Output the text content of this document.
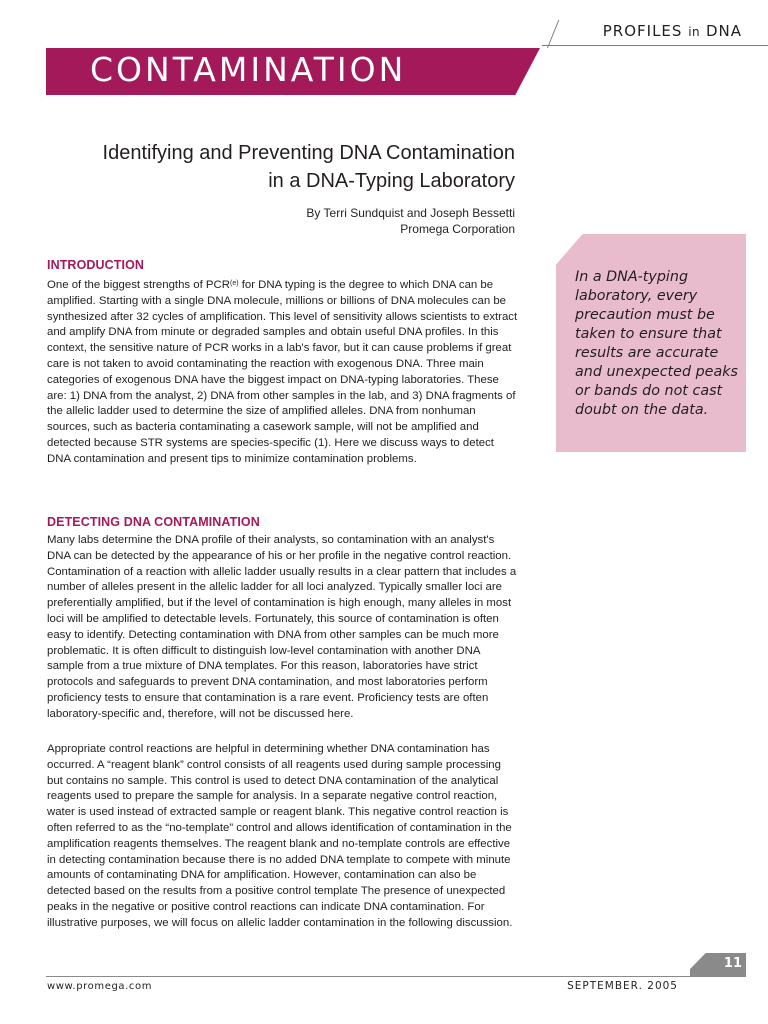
PROFILES in DNA
CONTAMINATION
Identifying and Preventing DNA Contamination
in a DNA-Typing Laboratory
By Terri Sundquist and Joseph Bessetti
Promega Corporation
INTRODUCTION

One of the biggest strengths of PCR$^{(e)}$ for DNA typing is the degree to which DNA can be amplified. Starting with a single DNA molecule, millions or billions of DNA molecules can be synthesized after 32 cycles of amplification. This level of sensitivity allows scientists to extract and amplify DNA from minute or degraded samples and obtain useful DNA profiles. In this context, the sensitive nature of PCR works in a lab's favor, but it can cause problems if great care is not taken to avoid contaminating the reaction with exogenous DNA. Three main categories of exogenous DNA have the biggest impact on DNA-typing laboratories. These are: 1) DNA from the analyst, 2) DNA from other samples in the lab, and 3) DNA fragments of the allelic ladder used to determine the size of amplified alleles. DNA from nonhuman sources, such as bacteria contaminating a casework sample, will not be amplified and detected because STR systems are species-specific (1). Here we discuss ways to detect DNA contamination and present tips to minimize contamination problems.

DETECTING DNA CONTAMINATION

Many labs determine the DNA profile of their analysts, so contamination with an analyst's DNA can be detected by the appearance of his or her profile in the negative control reaction. Contamination of a reaction with allelic ladder usually results in a clear pattern that includes a number of alleles present in the allelic ladder for all loci analyzed. Typically smaller loci are preferentially amplified, but if the level of contamination is high enough, many alleles in most loci will be amplified to detectable levels. Fortunately, this source of contamination is often easy to identify. Detecting contamination with DNA from other samples can be much more problematic. It is often difficult to distinguish low-level contamination with another DNA sample from a true mixture of DNA templates. For this reason, laboratories have strict protocols and safeguards to prevent DNA contamination, and most laboratories perform proficiency tests to ensure that contamination is a rare event. Proficiency tests are often laboratory-specific and, therefore, will not be discussed here.

Appropriate control reactions are helpful in determining whether DNA contamination has occurred. A “reagent blank” control consists of all reagents used during sample processing but contains no sample. This control is used to detect DNA contamination of the analytical reagents used to prepare the sample for analysis. In a separate negative control reaction, water is used instead of extracted sample or reagent blank. This negative control reaction is often referred to as the “no-template” control and allows identification of contamination in the amplification reagents themselves. The reagent blank and no-template controls are effective in detecting contamination because there is no added DNA template to compete with minute amounts of contaminating DNA for amplification. However, contamination can also be detected based on the results from a positive control template The presence of unexpected peaks in the negative or positive control reactions can indicate DNA contamination. For illustrative purposes, we will focus on allelic ladder contamination in the following discussion.

In a DNA-typing laboratory, every precaution must be taken to ensure that results are accurate and unexpected peaks or bands do not cast doubt on the data.
11
www.promega.com	SEPTEMBER. 2005
